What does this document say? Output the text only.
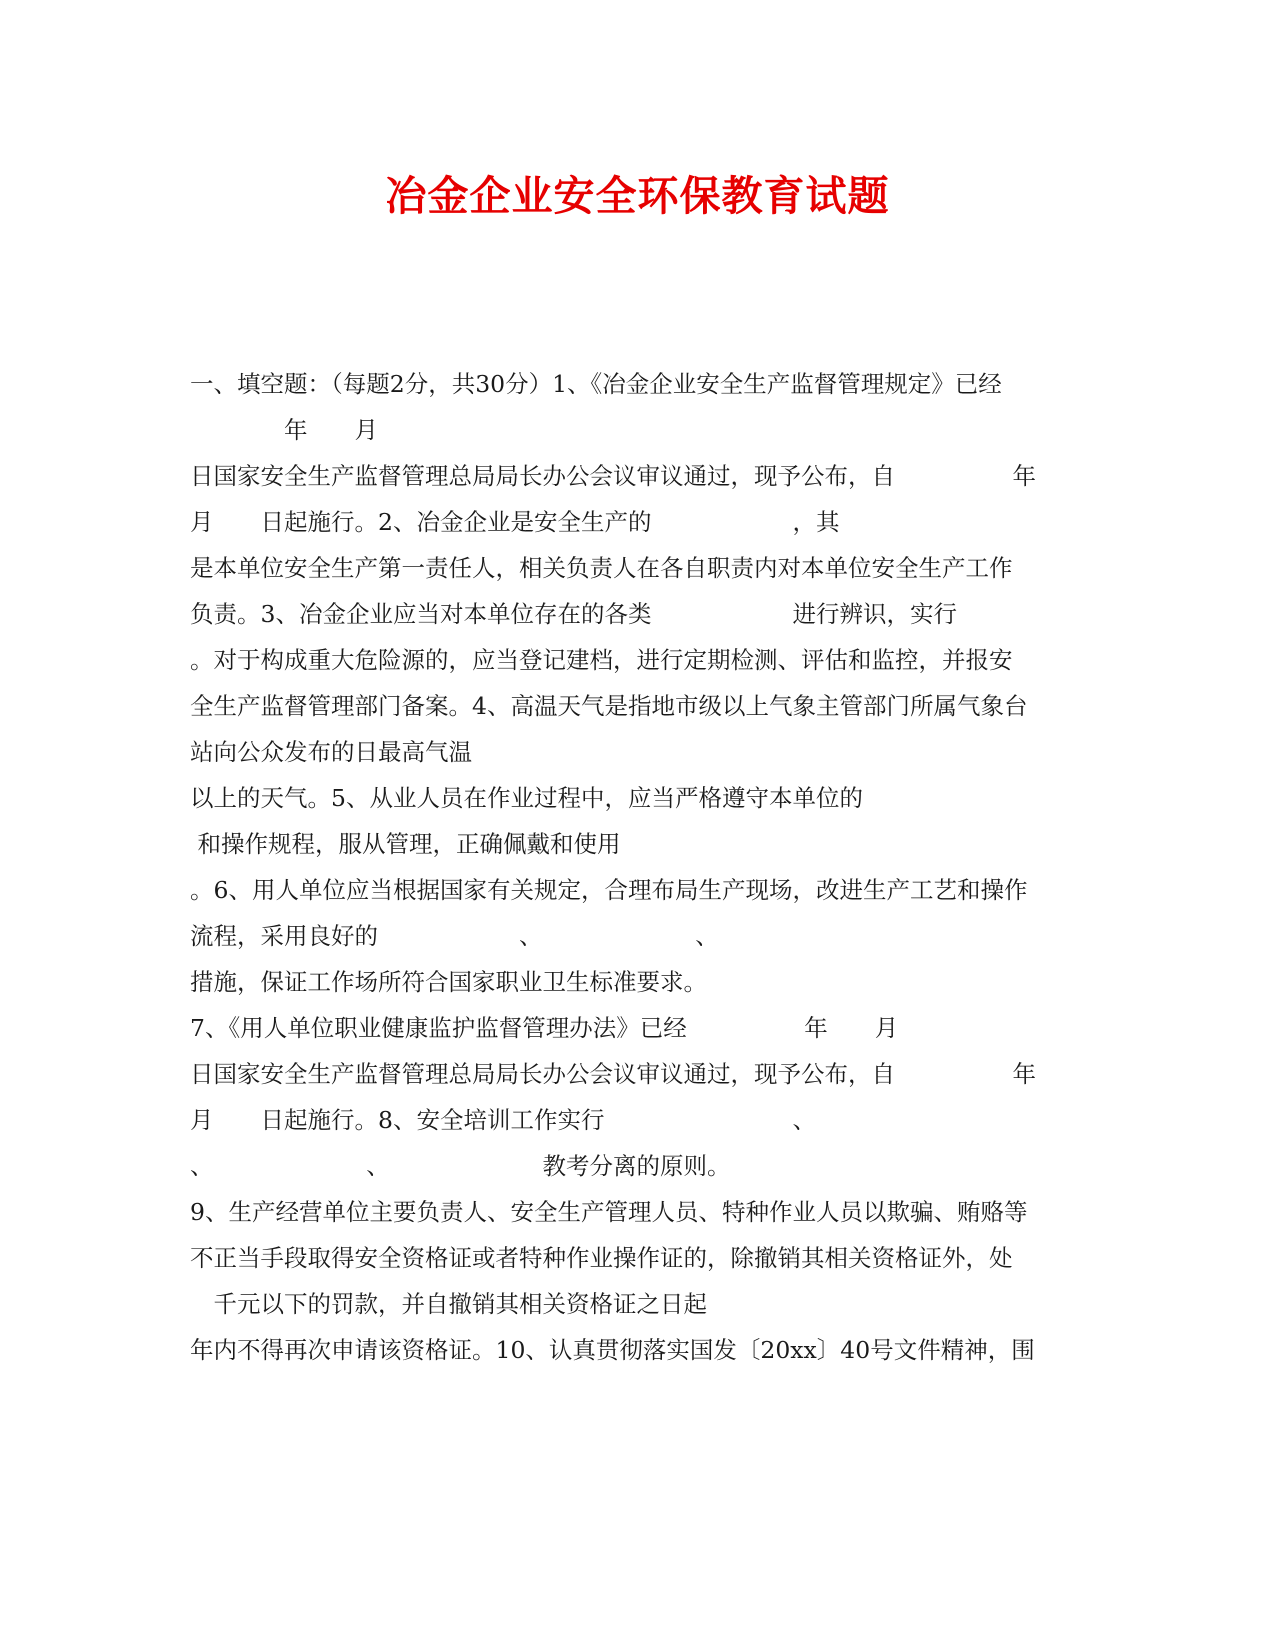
冶金企业安全环保教育试题
一、填空题：（每题2分，共30分）1、《冶金企业安全生产监督管理规定》已经
　　　　年　　月
日国家安全生产监督管理总局局长办公会议审议通过，现予公布，自　　　　　年
月　　日起施行。2、冶金企业是安全生产的　　　　　　，其
是本单位安全生产第一责任人，相关负责人在各自职责内对本单位安全生产工作
负责。3、冶金企业应当对本单位存在的各类　　　　　　进行辨识，实行
。对于构成重大危险源的，应当登记建档，进行定期检测、评估和监控，并报安
全生产监督管理部门备案。4、高温天气是指地市级以上气象主管部门所属气象台
站向公众发布的日最高气温
以上的天气。5、从业人员在作业过程中，应当严格遵守本单位的
和操作规程，服从管理，正确佩戴和使用
。6、用人单位应当根据国家有关规定，合理布局生产现场，改进生产工艺和操作
流程，采用良好的　　　　　　、　　　　　　　、
措施，保证工作场所符合国家职业卫生标准要求。
7、《用人单位职业健康监护监督管理办法》已经　　　　　年　　月
日国家安全生产监督管理总局局长办公会议审议通过，现予公布，自　　　　　年
月　　日起施行。8、安全培训工作实行　　　　　　　　、
、　　　　　　　、　　　　　　　教考分离的原则。
9、生产经营单位主要负责人、安全生产管理人员、特种作业人员以欺骗、贿赂等
不正当手段取得安全资格证或者特种作业操作证的，除撤销其相关资格证外，处
　千元以下的罚款，并自撤销其相关资格证之日起
年内不得再次申请该资格证。10、认真贯彻落实国发〔20xx〕40号文件精神，围
